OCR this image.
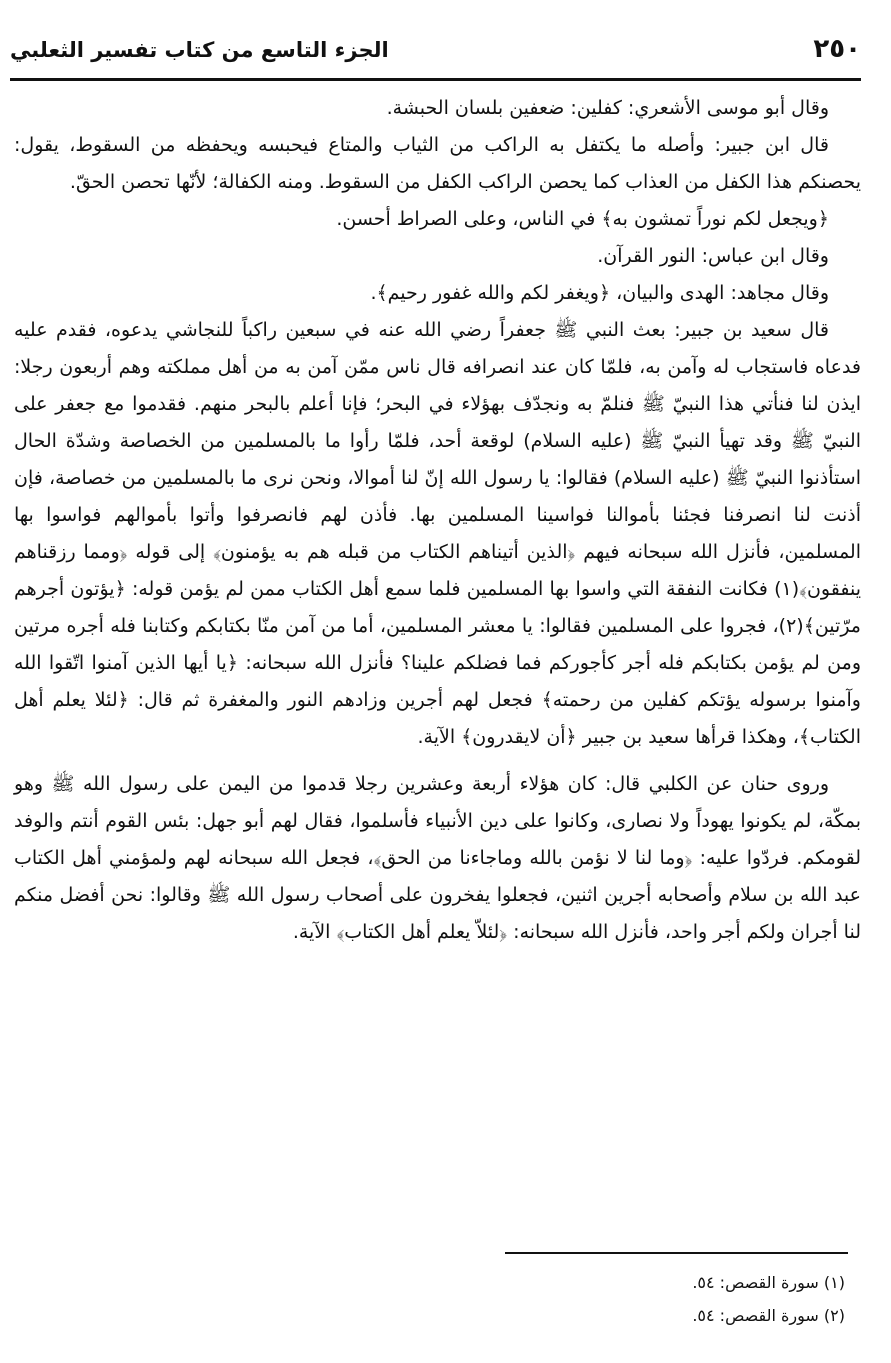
٢٥٠
الجزء التاسع من كتاب تفسير الثعلبي

وقال أبو موسى الأشعري: كفلين: ضعفين بلسان الحبشة.

قال ابن جبير: وأصله ما يكتفل به الراكب من الثياب والمتاع فيحبسه ويحفظه من السقوط، يقول: يحصنكم هذا الكفل من العذاب كما يحصن الراكب الكفل من السقوط. ومنه الكفالة؛ لأنّها تحصن الحقّ.

﴿ويجعل لكم نوراً تمشون به﴾ في الناس، وعلى الصراط أحسن.

وقال ابن عباس: النور القرآن.

وقال مجاهد: الهدى والبيان، ﴿ويغفر لكم والله غفور رحيم﴾.

قال سعيد بن جبير: بعث النبي ﷺ جعفراً رضي الله عنه في سبعين راكباً للنجاشي يدعوه، فقدم عليه فدعاه فاستجاب له وآمن به، فلمّا كان عند انصرافه قال ناس ممّن آمن به من أهل مملكته وهم أربعون رجلا: ايذن لنا فنأتي هذا النبيّ ﷺ فنلمّ به ونجدّف بهؤلاء في البحر؛ فإنا أعلم بالبحر منهم. فقدموا مع جعفر على النبيّ ﷺ وقد تهيأ النبيّ ﷺ (عليه السلام) لوقعة أحد، فلمّا رأوا ما بالمسلمين من الخصاصة وشدّة الحال استأذنوا النبيّ ﷺ (عليه السلام) فقالوا: يا رسول الله إنّ لنا أموالا، ونحن نرى ما بالمسلمين من خصاصة، فإن أذنت لنا انصرفنا فجئنا بأموالنا فواسينا المسلمين بها. فأذن لهم فانصرفوا وأتوا بأموالهم فواسوا بها المسلمين، فأنزل الله سبحانه فيهم ﴿الذين أتيناهم الكتاب من قبله هم به يؤمنون﴾ إلى قوله ﴿ومما رزقناهم ينفقون﴾(١) فكانت النفقة التي واسوا بها المسلمين فلما سمع أهل الكتاب ممن لم يؤمن قوله: ﴿يؤتون أجرهم مرّتين﴾(٢)، فجروا على المسلمين فقالوا: يا معشر المسلمين، أما من آمن منّا بكتابكم وكتابنا فله أجره مرتين ومن لم يؤمن بكتابكم فله أجر كأجوركم فما فضلكم علينا؟ فأنزل الله سبحانه: ﴿يا أيها الذين آمنوا اتّقوا الله وآمنوا برسوله يؤتكم كفلين من رحمته﴾ فجعل لهم أجرين وزادهم النور والمغفرة ثم قال: ﴿لئلا يعلم أهل الكتاب﴾، وهكذا قرأها سعيد بن جبير ﴿أن لايقدرون﴾ الآية.

وروى حنان عن الكلبي قال: كان هؤلاء أربعة وعشرين رجلا قدموا من اليمن على رسول الله ﷺ وهو بمكّة، لم يكونوا يهوداً ولا نصارى، وكانوا على دين الأنبياء فأسلموا، فقال لهم أبو جهل: بئس القوم أنتم والوفد لقومكم. فردّوا عليه: ﴿وما لنا لا نؤمن بالله وماجاءنا من الحق﴾، فجعل الله سبحانه لهم ولمؤمني أهل الكتاب عبد الله بن سلام وأصحابه أجرين اثنين، فجعلوا يفخرون على أصحاب رسول الله ﷺ وقالوا: نحن أفضل منكم لنا أجران ولكم أجر واحد، فأنزل الله سبحانه: ﴿لئلاّ يعلم أهل الكتاب﴾ الآية.

(١) سورة القصص: ٥٤.
(٢) سورة القصص: ٥٤.
